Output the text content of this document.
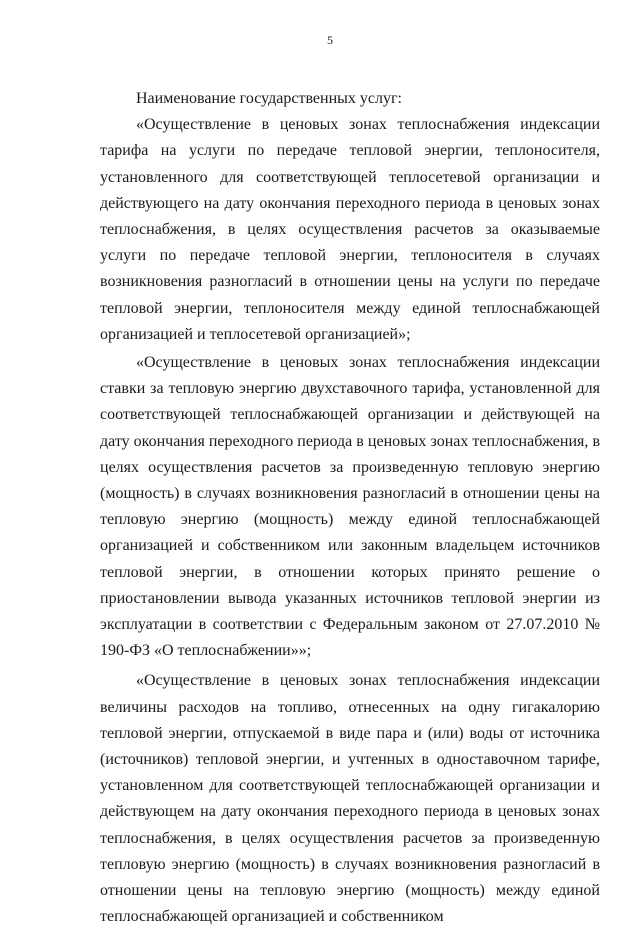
5

Наименование государственных услуг:

«Осуществление в ценовых зонах теплоснабжения индексации тарифа на услуги по передаче тепловой энергии, теплоносителя, установленного для соответствующей теплосетевой организации и действующего на дату окончания переходного периода в ценовых зонах теплоснабжения, в целях осуществления расчетов за оказываемые услуги по передаче тепловой энергии, теплоносителя в случаях возникновения разногласий в отношении цены на услуги по передаче тепловой энергии, теплоносителя между единой теплоснабжающей организацией и теплосетевой организацией»;

«Осуществление в ценовых зонах теплоснабжения индексации ставки за тепловую энергию двухставочного тарифа, установленной для соответствующей теплоснабжающей организации и действующей на дату окончания переходного периода в ценовых зонах теплоснабжения, в целях осуществления расчетов за произведенную тепловую энергию (мощность) в случаях возникновения разногласий в отношении цены на тепловую энергию (мощность) между единой теплоснабжающей организацией и собственником или законным владельцем источников тепловой энергии, в отношении которых принято решение о приостановлении вывода указанных источников тепловой энергии из эксплуатации в соответствии с Федеральным законом от 27.07.2010 № 190-ФЗ «О теплоснабжении»»;

«Осуществление в ценовых зонах теплоснабжения индексации величины расходов на топливо, отнесенных на одну гигакалорию тепловой энергии, отпускаемой в виде пара и (или) воды от источника (источников) тепловой энергии, и учтенных в одноставочном тарифе, установленном для соответствующей теплоснабжающей организации и действующем на дату окончания переходного периода в ценовых зонах теплоснабжения, в целях осуществления расчетов за произведенную тепловую энергию (мощность) в случаях возникновения разногласий в отношении цены на тепловую энергию (мощность) между единой теплоснабжающей организацией и собственником
